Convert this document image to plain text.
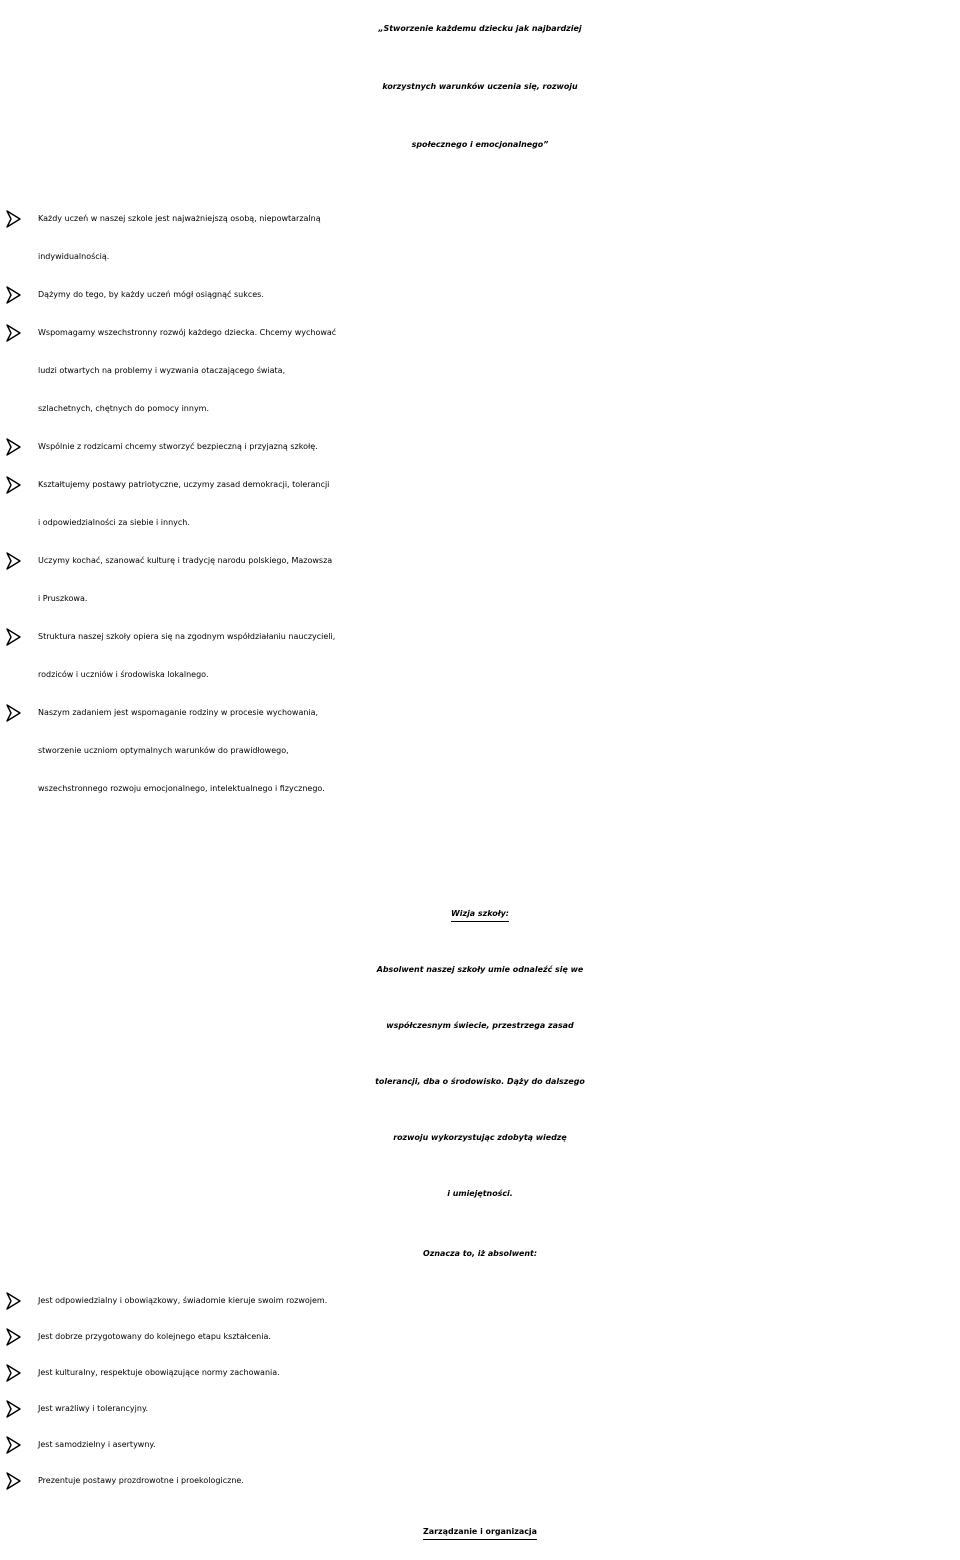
„Stworzenie każdemu dziecku jak najbardziej
korzystnych warunków uczenia się, rozwoju
społecznego i emocjonalnego”
Każdy uczeń w naszej szkole jest najważniejszą osobą, niepowtarzalną
indywidualnością.
Dążymy do tego, by każdy uczeń mógł osiągnąć sukces.
Wspomagamy wszechstronny rozwój każdego dziecka. Chcemy wychować
ludzi otwartych na problemy i wyzwania otaczającego świata,
szlachetnych, chętnych do pomocy innym.
Wspólnie z rodzicami chcemy stworzyć bezpieczną i przyjazną szkołę.
Kształtujemy postawy patriotyczne, uczymy zasad demokracji, tolerancji
i odpowiedzialności za siebie i innych.
Uczymy kochać, szanować kulturę i tradycję narodu polskiego, Mazowsza
i Pruszkowa.
Struktura naszej szkoły opiera się na zgodnym współdziałaniu nauczycieli,
rodziców i uczniów i środowiska lokalnego.
Naszym zadaniem jest wspomaganie rodziny w procesie wychowania,
stworzenie uczniom optymalnych warunków do prawidłowego,
wszechstronnego rozwoju emocjonalnego, intelektualnego i fizycznego.
Wizja szkoły:

Absolwent naszej szkoły umie odnaleźć się we
współczesnym świecie, przestrzega zasad
tolerancji, dba o środowisko. Dąży do dalszego
rozwoju wykorzystując zdobytą wiedzę
i umiejętności.

Oznacza to, iż absolwent:
Jest odpowiedzialny i obowiązkowy, świadomie kieruje swoim rozwojem.
Jest dobrze przygotowany do kolejnego etapu kształcenia.
Jest kulturalny, respektuje obowiązujące normy zachowania.
Jest wrażliwy i tolerancyjny.
Jest samodzielny i asertywny.
Prezentuje postawy prozdrowotne i proekologiczne.
Zarządzanie i organizacja
